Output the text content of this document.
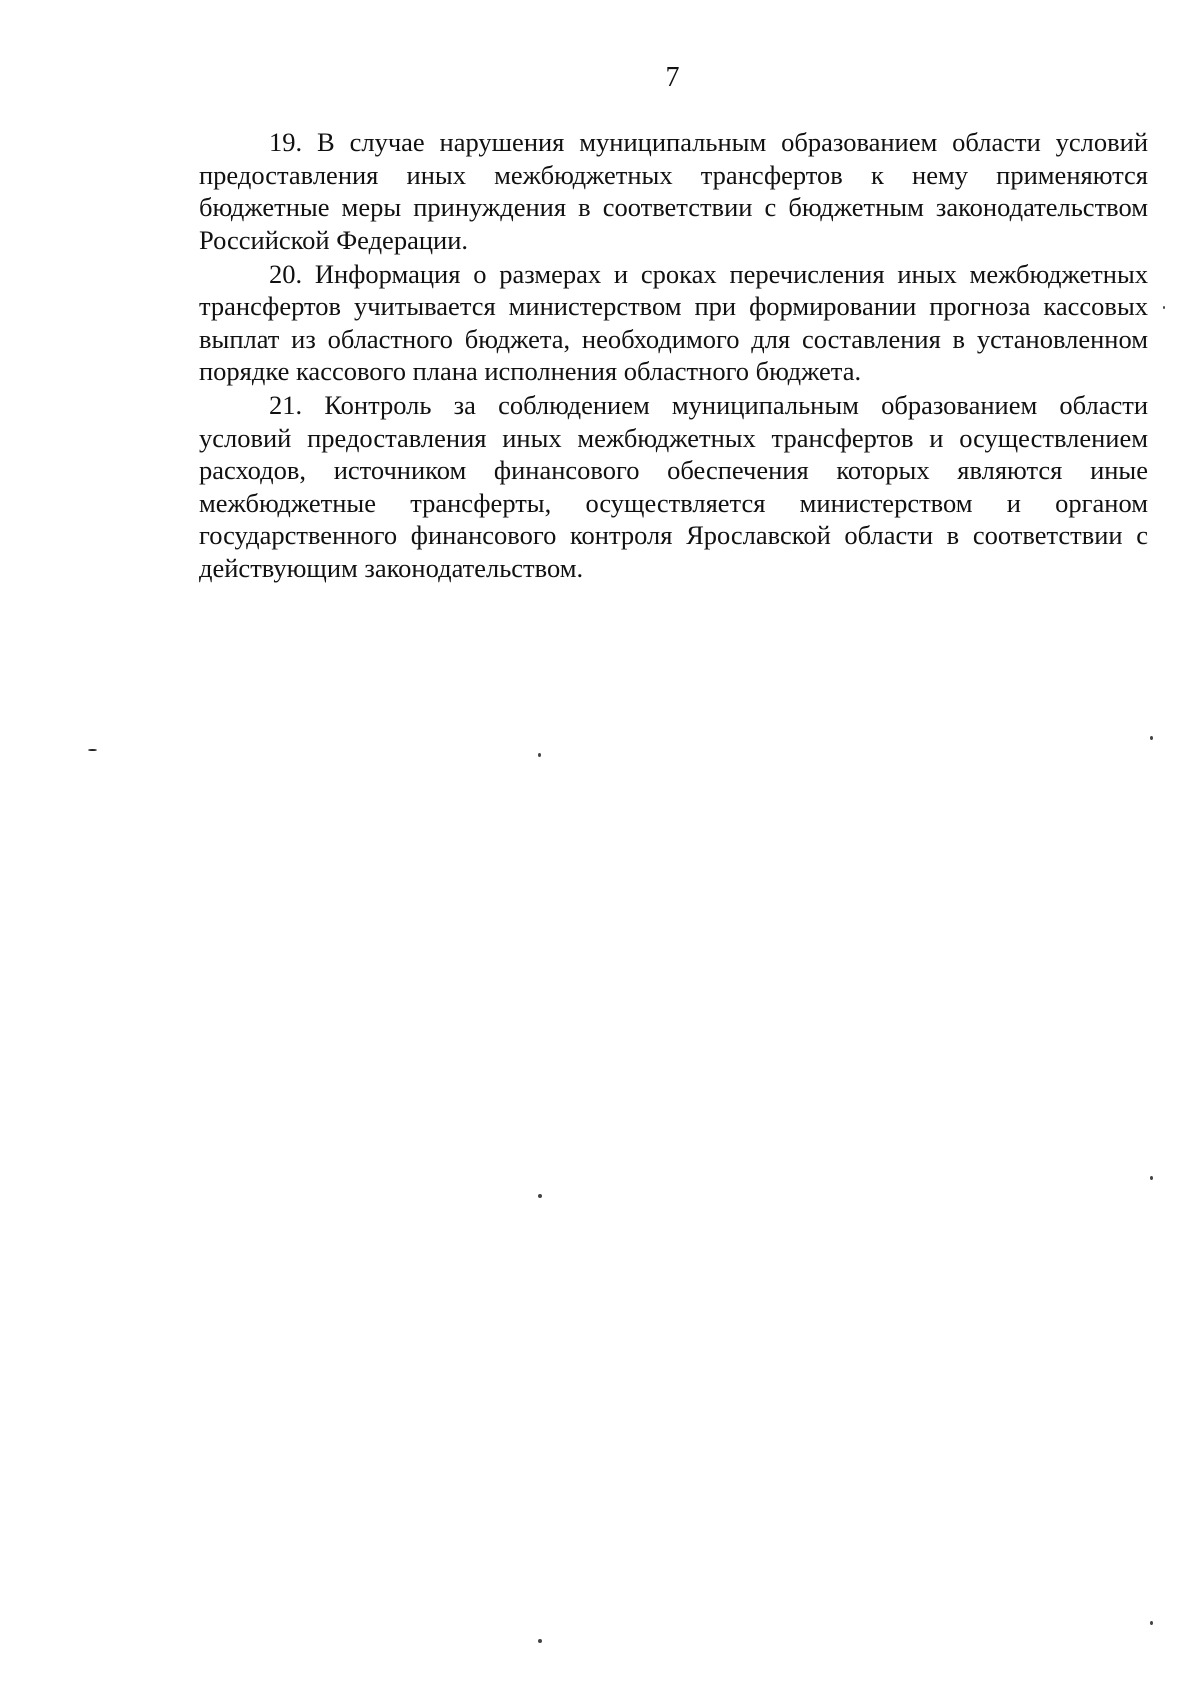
7

19. В случае нарушения муниципальным образованием области условий предоставления иных межбюджетных трансфертов к нему применяются бюджетные меры принуждения в соответствии с бюджетным законодательством Российской Федерации.

20. Информация о размерах и сроках перечисления иных межбюджетных трансфертов учитывается министерством при формировании прогноза кассовых выплат из областного бюджета, необходимого для составления в установленном порядке кассового плана исполнения областного бюджета.

21. Контроль за соблюдением муниципальным образованием области условий предоставления иных межбюджетных трансфертов и осуществлением расходов, источником финансового обеспечения которых являются иные межбюджетные трансферты, осуществляется министерством и органом государственного финансового контроля Ярославской области в соответствии с действующим законодательством.
